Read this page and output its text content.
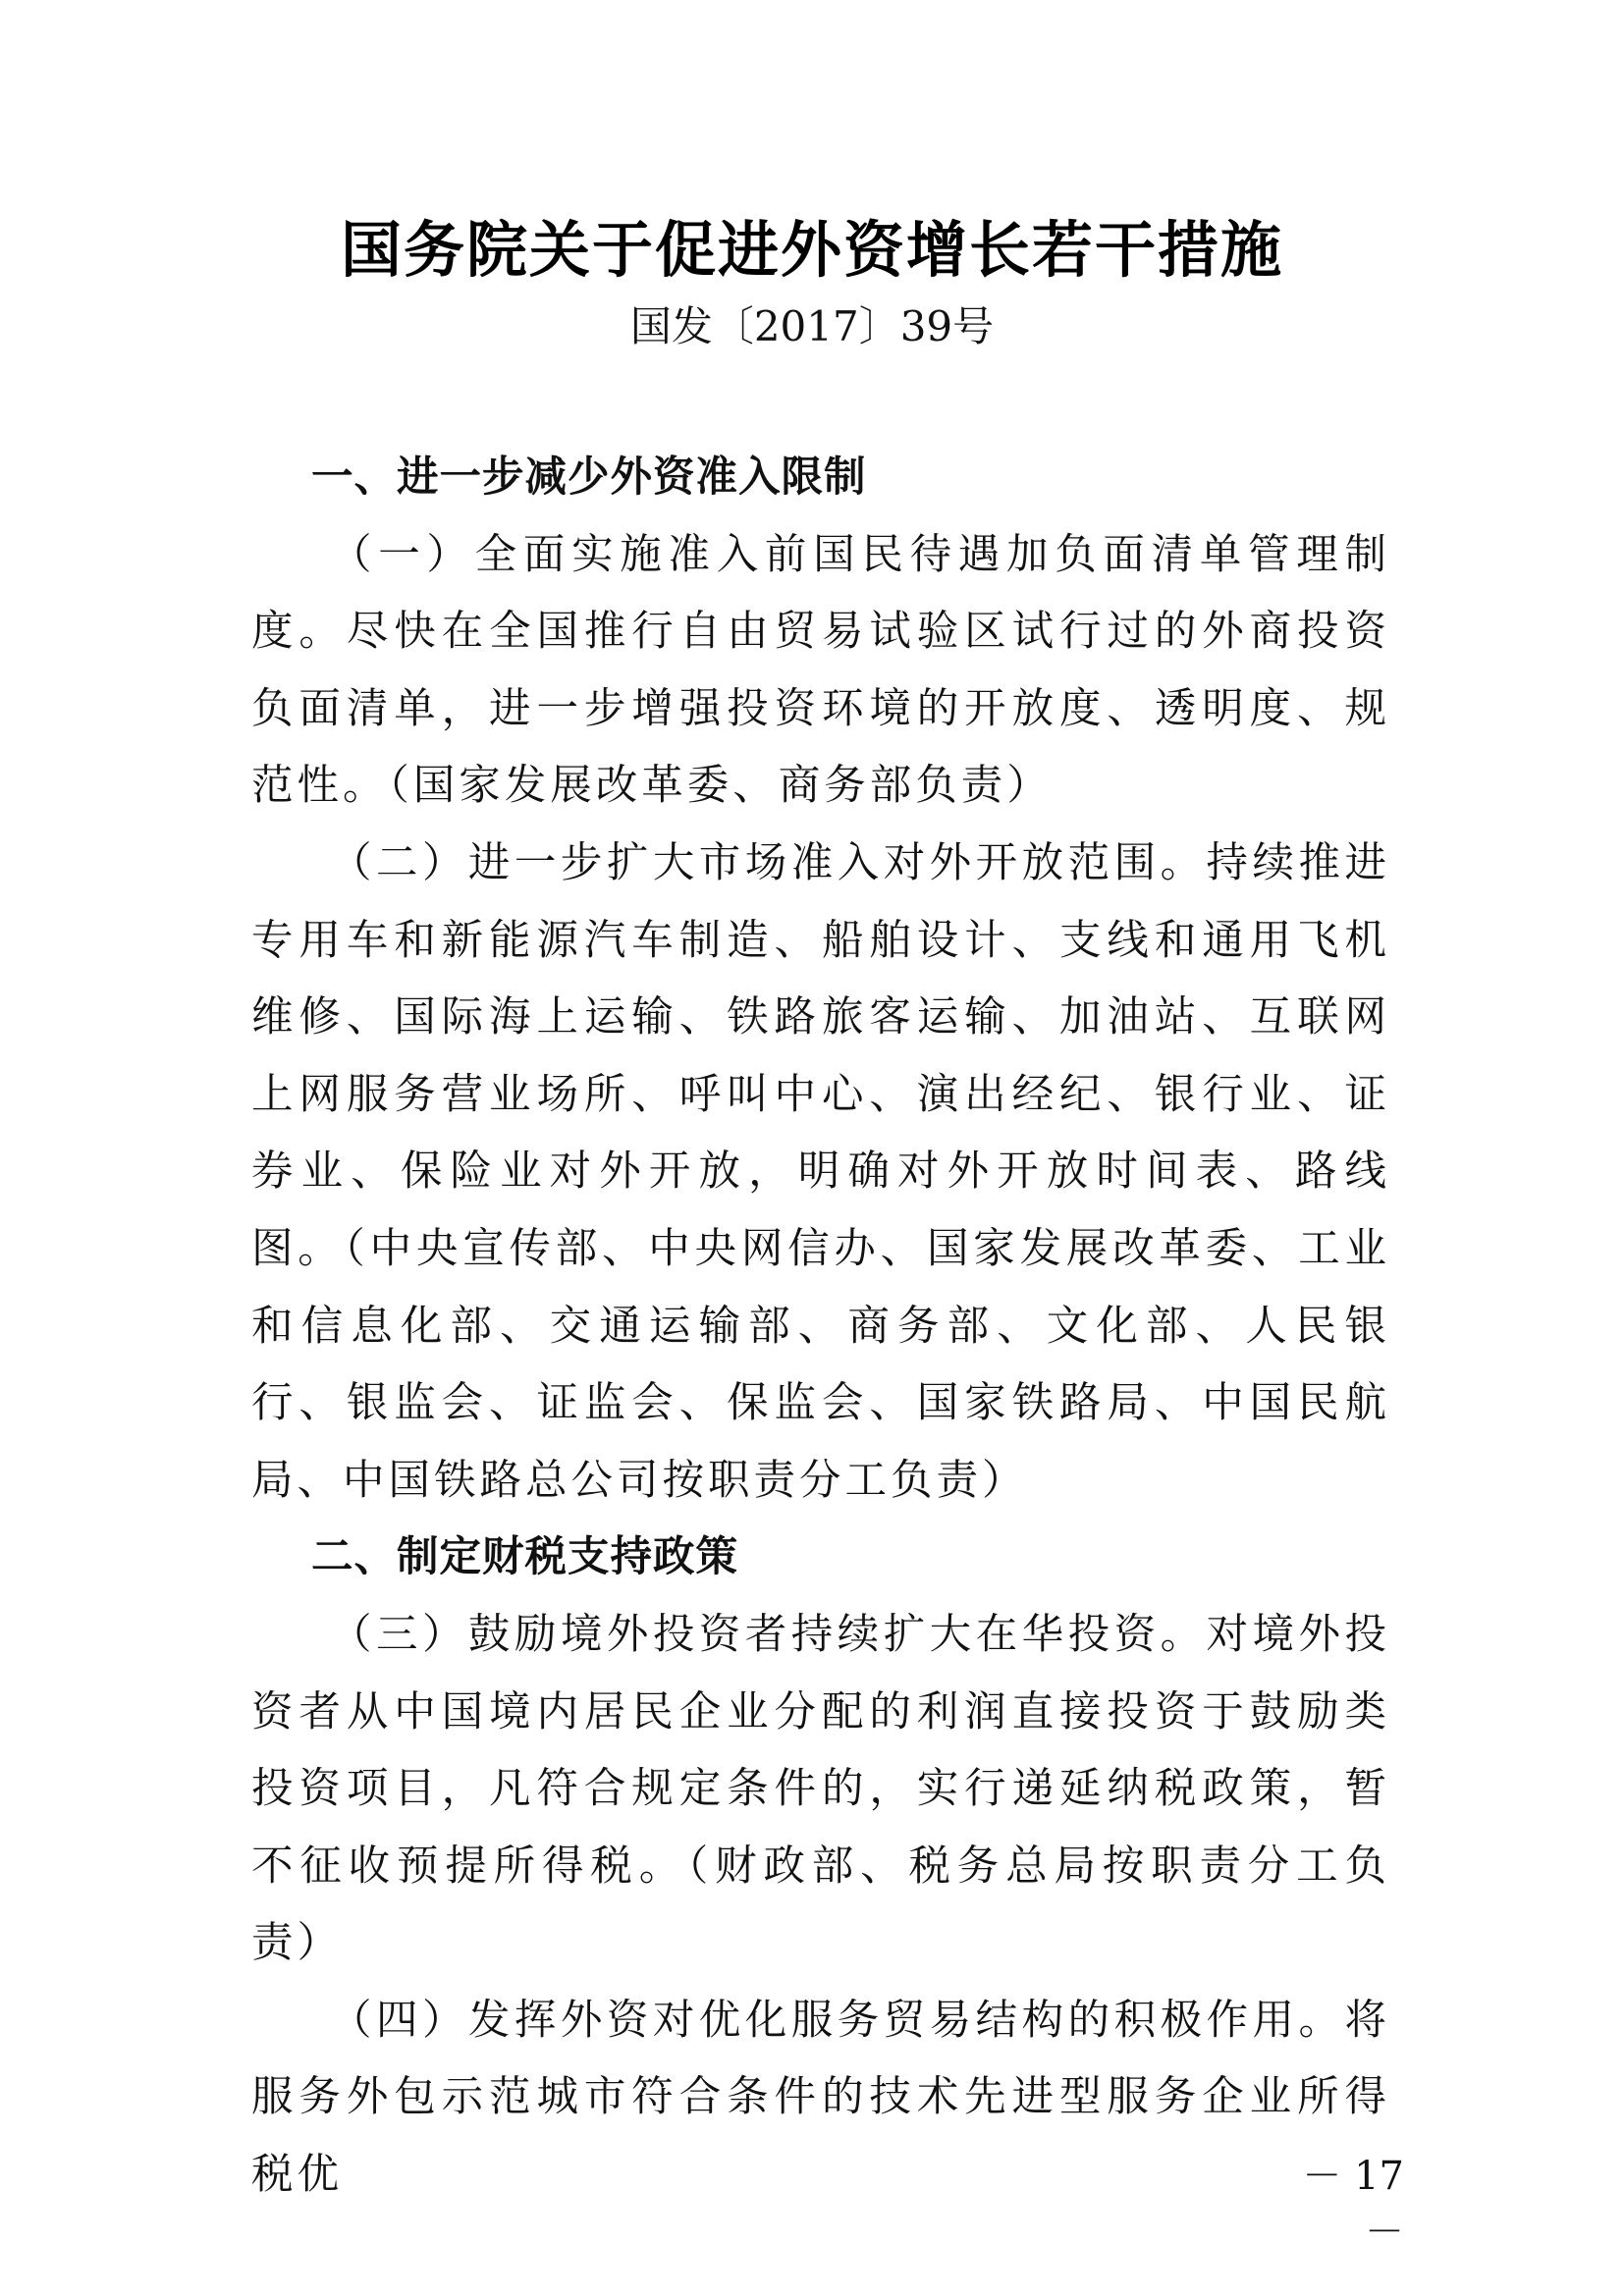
国务院关于促进外资增长若干措施
国发〔2017〕39号
一、进一步减少外资准入限制
（一）全面实施准入前国民待遇加负面清单管理制度。尽快在全国推行自由贸易试验区试行过的外商投资负面清单，进一步增强投资环境的开放度、透明度、规范性。（国家发展改革委、商务部负责）
（二）进一步扩大市场准入对外开放范围。持续推进专用车和新能源汽车制造、船舶设计、支线和通用飞机维修、国际海上运输、铁路旅客运输、加油站、互联网上网服务营业场所、呼叫中心、演出经纪、银行业、证券业、保险业对外开放，明确对外开放时间表、路线图。（中央宣传部、中央网信办、国家发展改革委、工业和信息化部、交通运输部、商务部、文化部、人民银行、银监会、证监会、保监会、国家铁路局、中国民航局、中国铁路总公司按职责分工负责）
二、制定财税支持政策
（三）鼓励境外投资者持续扩大在华投资。对境外投资者从中国境内居民企业分配的利润直接投资于鼓励类投资项目，凡符合规定条件的，实行递延纳税政策，暂不征收预提所得税。（财政部、税务总局按职责分工负责）
（四）发挥外资对优化服务贸易结构的积极作用。将服务外包示范城市符合条件的技术先进型服务企业所得税优	－ 17 －
